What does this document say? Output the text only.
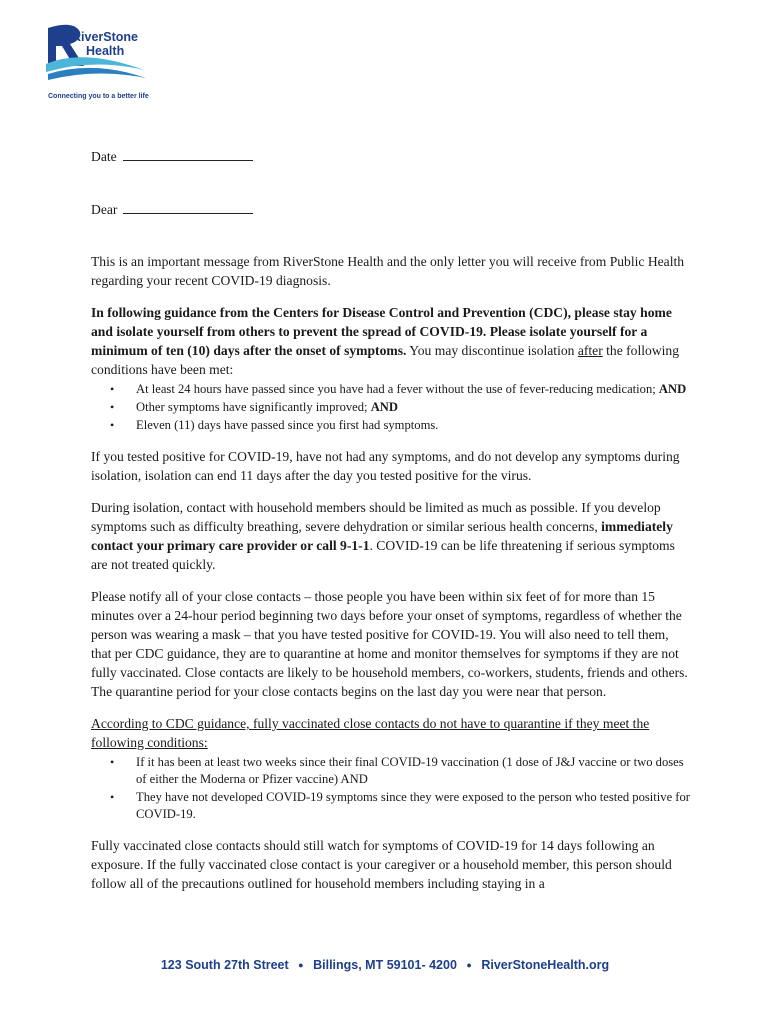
RiverStone
Health
Connecting you to a better life

Date

Dear

This is an important message from RiverStone Health and the only letter you will receive from Public Health regarding your recent COVID-19 diagnosis.

In following guidance from the Centers for Disease Control and Prevention (CDC), please stay home and isolate yourself from others to prevent the spread of COVID-19. Please isolate yourself for a minimum of ten (10) days after the onset of symptoms. You may discontinue isolation after the following conditions have been met:

• At least 24 hours have passed since you have had a fever without the use of fever-reducing medication; AND
• Other symptoms have significantly improved; AND
• Eleven (11) days have passed since you first had symptoms.

If you tested positive for COVID-19, have not had any symptoms, and do not develop any symptoms during isolation, isolation can end 11 days after the day you tested positive for the virus.

During isolation, contact with household members should be limited as much as possible. If you develop symptoms such as difficulty breathing, severe dehydration or similar serious health concerns, immediately contact your primary care provider or call 9-1-1. COVID-19 can be life threatening if serious symptoms are not treated quickly.

Please notify all of your close contacts – those people you have been within six feet of for more than 15 minutes over a 24-hour period beginning two days before your onset of symptoms, regardless of whether the person was wearing a mask – that you have tested positive for COVID-19. You will also need to tell them, that per CDC guidance, they are to quarantine at home and monitor themselves for symptoms if they are not fully vaccinated. Close contacts are likely to be household members, co-workers, students, friends and others. The quarantine period for your close contacts begins on the last day you were near that person.

According to CDC guidance, fully vaccinated close contacts do not have to quarantine if they meet the following conditions:

• If it has been at least two weeks since their final COVID-19 vaccination (1 dose of J&J vaccine or two doses of either the Moderna or Pfizer vaccine) AND
• They have not developed COVID-19 symptoms since they were exposed to the person who tested positive for COVID-19.

Fully vaccinated close contacts should still watch for symptoms of COVID-19 for 14 days following an exposure. If the fully vaccinated close contact is your caregiver or a household member, this person should follow all of the precautions outlined for household members including staying in a

123 South 27th Street ● Billings, MT 59101- 4200 ● RiverStoneHealth.org
